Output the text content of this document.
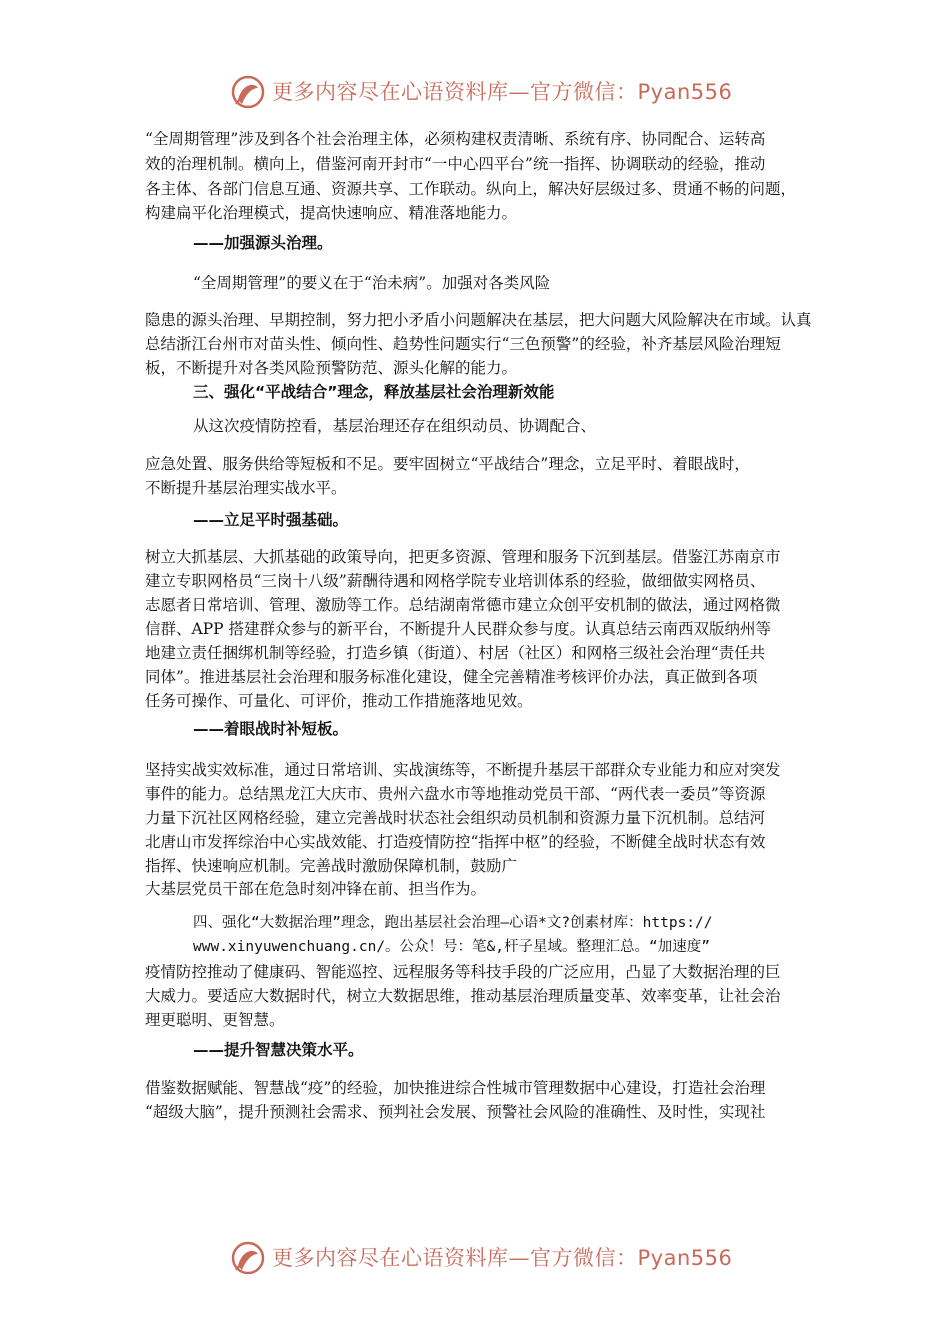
更多内容尽在心语资料库—官方微信：Pyan556
“全周期管理”涉及到各个社会治理主体，必须构建权责清晰、系统有序、协同配合、运转高
效的治理机制。横向上，借鉴河南开封市“一中心四平台”统一指挥、协调联动的经验，推动
各主体、各部门信息互通、资源共享、工作联动。纵向上，解决好层级过多、贯通不畅的问题，
构建扁平化治理模式，提高快速响应、精准落地能力。
——加强源头治理。
“全周期管理”的要义在于“治未病”。加强对各类风险
隐患的源头治理、早期控制，努力把小矛盾小问题解决在基层，把大问题大风险解决在市域。认真
总结浙江台州市对苗头性、倾向性、趋势性问题实行“三色预警”的经验，补齐基层风险治理短
板，不断提升对各类风险预警防范、源头化解的能力。
三、强化“平战结合”理念，释放基层社会治理新效能
从这次疫情防控看，基层治理还存在组织动员、协调配合、
应急处置、服务供给等短板和不足。要牢固树立“平战结合”理念，立足平时、着眼战时，
不断提升基层治理实战水平。
——立足平时强基础。
树立大抓基层、大抓基础的政策导向，把更多资源、管理和服务下沉到基层。借鉴江苏南京市
建立专职网格员“三岗十八级”薪酬待遇和网格学院专业培训体系的经验，做细做实网格员、
志愿者日常培训、管理、激励等工作。总结湖南常德市建立众创平安机制的做法，通过网格微
信群、APP 搭建群众参与的新平台，不断提升人民群众参与度。认真总结云南西双版纳州等
地建立责任捆绑机制等经验，打造乡镇（街道）、村居（社区）和网格三级社会治理“责任共
同体”。推进基层社会治理和服务标准化建设，健全完善精准考核评价办法，真正做到各项
任务可操作、可量化、可评价，推动工作措施落地见效。
——着眼战时补短板。
坚持实战实效标准，通过日常培训、实战演练等，不断提升基层干部群众专业能力和应对突发
事件的能力。总结黑龙江大庆市、贵州六盘水市等地推动党员干部、“两代表一委员”等资源
力量下沉社区网格经验，建立完善战时状态社会组织动员机制和资源力量下沉机制。总结河
北唐山市发挥综治中心实战效能、打造疫情防控“指挥中枢”的经验，不断健全战时状态有效
指挥、快速响应机制。完善战时激励保障机制，鼓励广
大基层党员干部在危急时刻冲锋在前、担当作为。
四、强化“大数据治理”理念，跑出基层社会治理—心语*文?创素材库：https://
www.xinyuwenchuang.cn/。公众！号：笔&,杆子星域。整理汇总。“加速度”
疫情防控推动了健康码、智能巡控、远程服务等科技手段的广泛应用，凸显了大数据治理的巨
大威力。要适应大数据时代，树立大数据思维，推动基层治理质量变革、效率变革，让社会治
理更聪明、更智慧。
——提升智慧决策水平。
借鉴数据赋能、智慧战“疫”的经验，加快推进综合性城市管理数据中心建设，打造社会治理
“超级大脑”，提升预测社会需求、预判社会发展、预警社会风险的准确性、及时性，实现社
更多内容尽在心语资料库—官方微信：Pyan556
